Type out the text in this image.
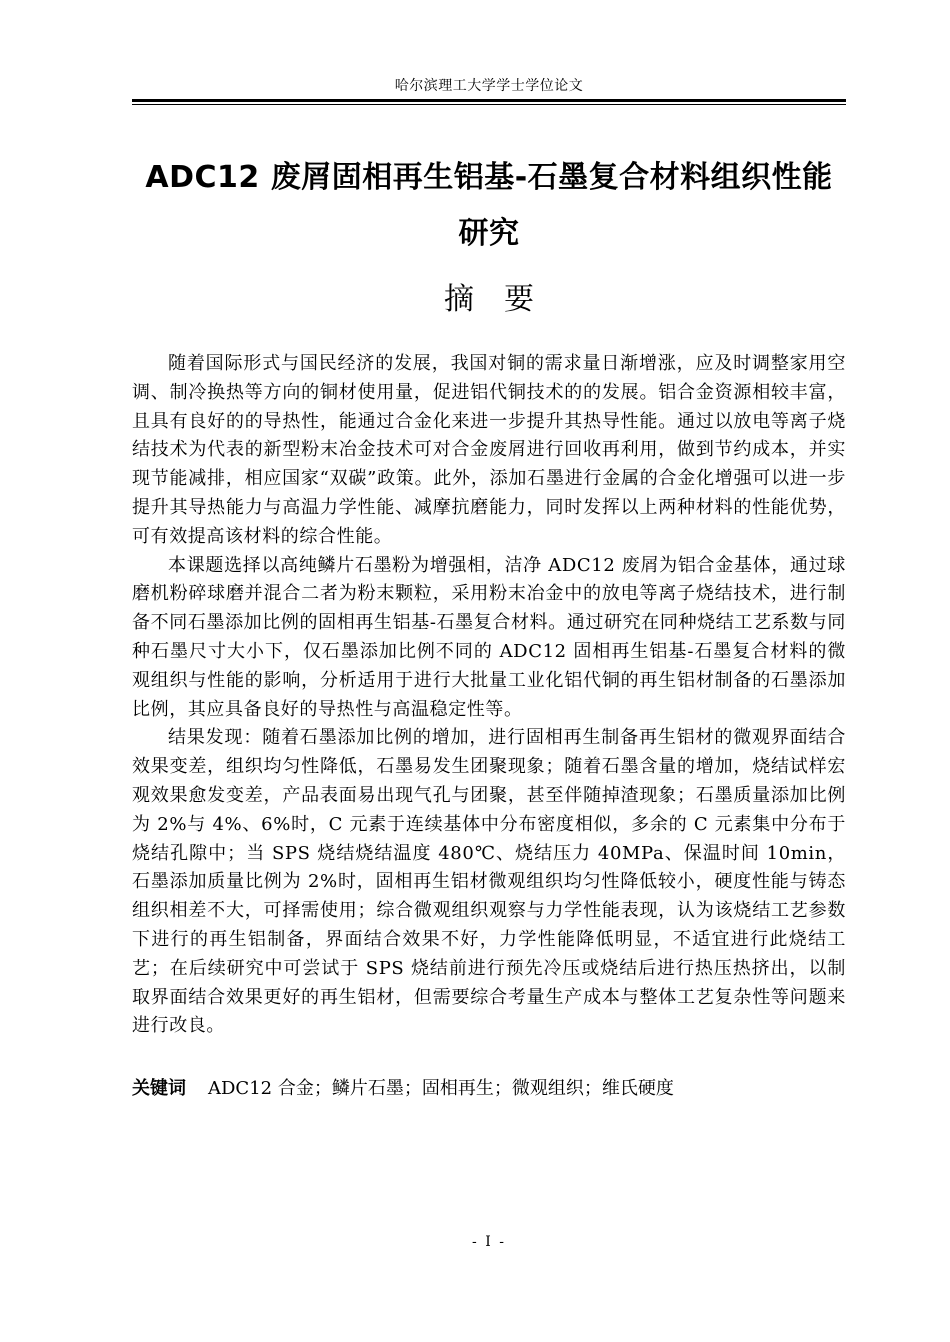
哈尔滨理工大学学士学位论文
ADC12 废屑固相再生铝基-石墨复合材料组织性能研究
摘要

随着国际形式与国民经济的发展，我国对铜的需求量日渐增涨，应及时调整家用空调、制冷换热等方向的铜材使用量，促进铝代铜技术的的发展。铝合金资源相较丰富，且具有良好的的导热性，能通过合金化来进一步提升其热导性能。通过以放电等离子烧结技术为代表的新型粉末冶金技术可对合金废屑进行回收再利用，做到节约成本，并实现节能减排，相应国家“双碳”政策。此外，添加石墨进行金属的合金化增强可以进一步提升其导热能力与高温力学性能、减摩抗磨能力，同时发挥以上两种材料的性能优势，可有效提高该材料的综合性能。

本课题选择以高纯鳞片石墨粉为增强相，洁净 ADC12 废屑为铝合金基体，通过球磨机粉碎球磨并混合二者为粉末颗粒，采用粉末冶金中的放电等离子烧结技术，进行制备不同石墨添加比例的固相再生铝基-石墨复合材料。通过研究在同种烧结工艺系数与同种石墨尺寸大小下，仅石墨添加比例不同的 ADC12 固相再生铝基-石墨复合材料的微观组织与性能的影响，分析适用于进行大批量工业化铝代铜的再生铝材制备的石墨添加比例，其应具备良好的导热性与高温稳定性等。

结果发现：随着石墨添加比例的增加，进行固相再生制备再生铝材的微观界面结合效果变差，组织均匀性降低，石墨易发生团聚现象；随着石墨含量的增加，烧结试样宏观效果愈发变差，产品表面易出现气孔与团聚，甚至伴随掉渣现象；石墨质量添加比例为 2%与 4%、6%时，C 元素于连续基体中分布密度相似，多余的 C 元素集中分布于烧结孔隙中；当 SPS 烧结烧结温度 480℃、烧结压力 40MPa、保温时间 10min，石墨添加质量比例为 2%时，固相再生铝材微观组织均匀性降低较小，硬度性能与铸态组织相差不大，可择需使用；综合微观组织观察与力学性能表现，认为该烧结工艺参数下进行的再生铝制备，界面结合效果不好，力学性能降低明显，不适宜进行此烧结工艺；在后续研究中可尝试于 SPS 烧结前进行预先冷压或烧结后进行热压热挤出，以制取界面结合效果更好的再生铝材，但需要综合考量生产成本与整体工艺复杂性等问题来进行改良。

关键词 ADC12 合金；鳞片石墨；固相再生；微观组织；维氏硬度
- I -
